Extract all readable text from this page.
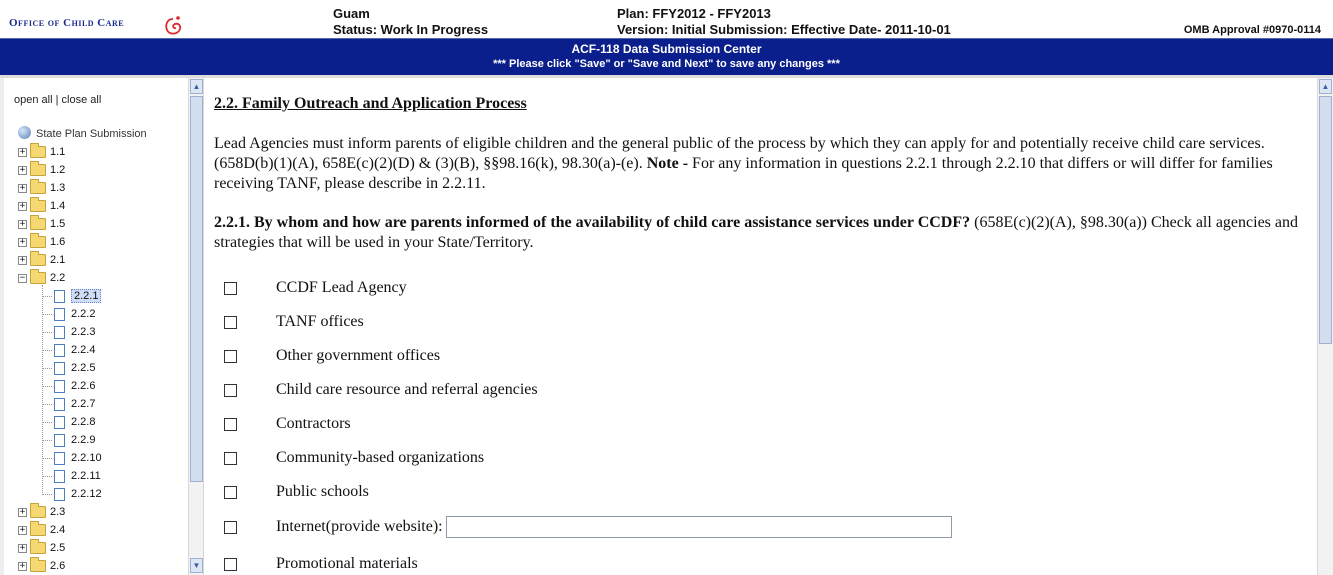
Office of Child Care
Guam
Status: Work In Progress
Plan: FFY2012 - FFY2013
Version: Initial Submission: Effective Date- 2011-10-01	OMB Approval #0970-0114
ACF-118 Data Submission Center
*** Please click "Save" or "Save and Next" to save any changes ***
open all | close all
State Plan Submission
+ 1.1
+ 1.2
+ 1.3
+ 1.4
+ 1.5
+ 1.6
+ 2.1
− 2.2
2.2.1
2.2.2
2.2.3
2.2.4
2.2.5
2.2.6
2.2.7
2.2.8
2.2.9
2.2.10
2.2.11
2.2.12
+ 2.3
+ 2.4
+ 2.5
+ 2.6
▲
▼
2.2. Family Outreach and Application Process
Lead Agencies must inform parents of eligible children and the general public of the process by which they can apply for and potentially receive child care services. (658D(b)(1)(A), 658E(c)(2)(D) & (3)(B), §§98.16(k), 98.30(a)-(e). Note - For any information in questions 2.2.1 through 2.2.10 that differs or will differ for families receiving TANF, please describe in 2.2.11.
2.2.1. By whom and how are parents informed of the availability of child care assistance services under CCDF? (658E(c)(2)(A), §98.30(a)) Check all agencies and strategies that will be used in your State/Territory.
CCDF Lead Agency
TANF offices
Other government offices
Child care resource and referral agencies
Contractors
Community-based organizations
Public schools
Internet(provide website):
Promotional materials
▲
